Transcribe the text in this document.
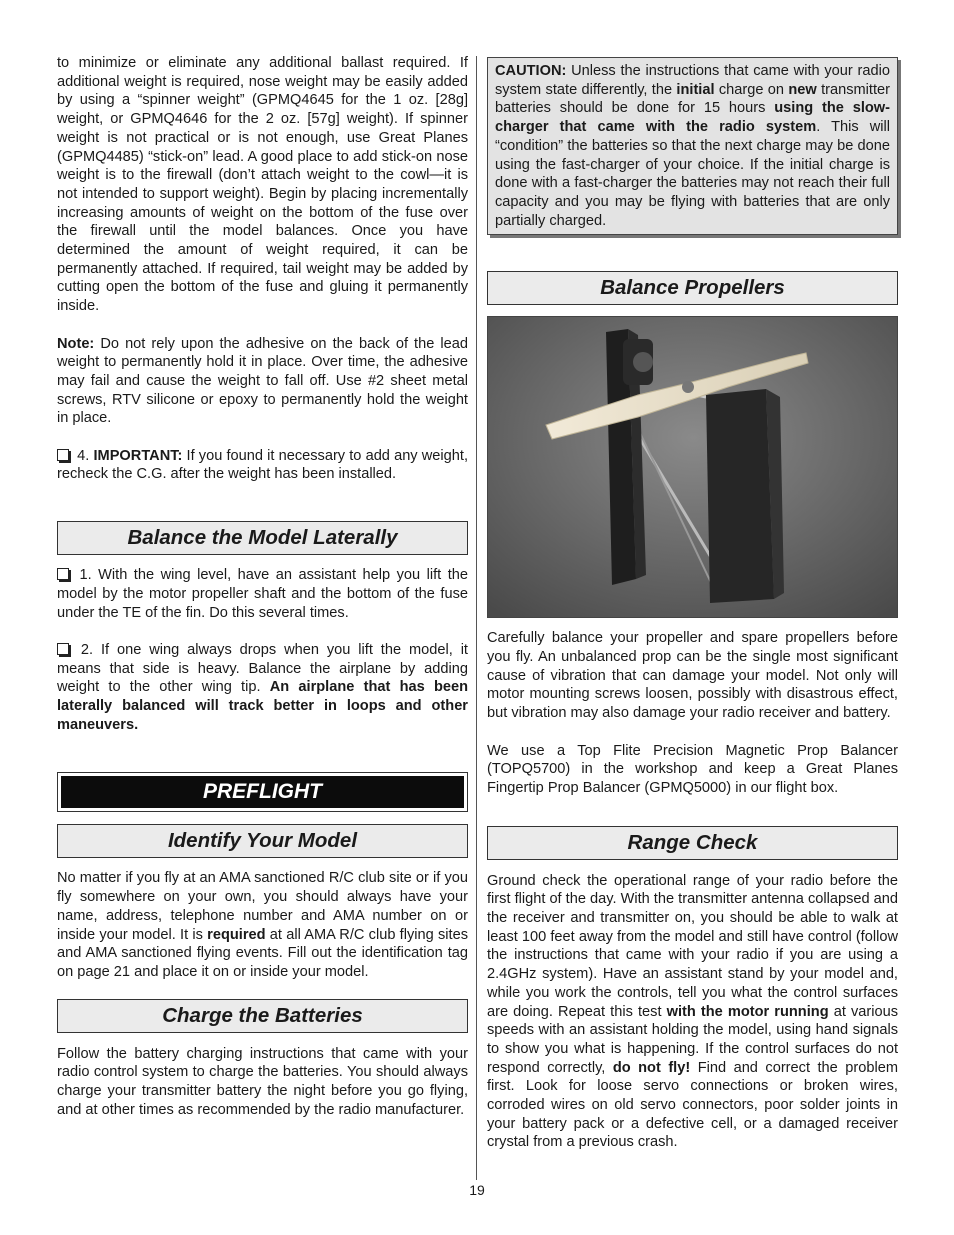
to minimize or eliminate any additional ballast required. If additional weight is required, nose weight may be easily added by using a “spinner weight” (GPMQ4645 for the 1 oz. [28g] weight, or GPMQ4646 for the 2 oz. [57g] weight). If spinner weight is not practical or is not enough, use Great Planes (GPMQ4485) “stick-on” lead. A good place to add stick-on nose weight is to the firewall (don’t attach weight to the cowl—it is not intended to support weight). Begin by placing incrementally increasing amounts of weight on the bottom of the fuse over the firewall until the model balances. Once you have determined the amount of weight required, it can be permanently attached. If required, tail weight may be added by cutting open the bottom of the fuse and gluing it permanently inside.

Note: Do not rely upon the adhesive on the back of the lead weight to permanently hold it in place. Over time, the adhesive may fail and cause the weight to fall off. Use #2 sheet metal screws, RTV silicone or epoxy to permanently hold the weight in place.

4. IMPORTANT: If you found it necessary to add any weight, recheck the C.G. after the weight has been installed.

Balance the Model Laterally

1. With the wing level, have an assistant help you lift the model by the motor propeller shaft and the bottom of the fuse under the TE of the fin. Do this several times.

2. If one wing always drops when you lift the model, it means that side is heavy. Balance the airplane by adding weight to the other wing tip. An airplane that has been laterally balanced will track better in loops and other maneuvers.

PREFLIGHT
Identify Your Model

No matter if you fly at an AMA sanctioned R/C club site or if you fly somewhere on your own, you should always have your name, address, telephone number and AMA number on or inside your model. It is required at all AMA R/C club flying sites and AMA sanctioned flying events. Fill out the identification tag on page 21 and place it on or inside your model.

Charge the Batteries

Follow the battery charging instructions that came with your radio control system to charge the batteries. You should always charge your transmitter battery the night before you go flying, and at other times as recommended by the radio manufacturer.

CAUTION: Unless the instructions that came with your radio system state differently, the initial charge on new transmitter batteries should be done for 15 hours using the slow-charger that came with the radio system. This will “condition” the batteries so that the next charge may be done using the fast-charger of your choice. If the initial charge is done with a fast-charger the batteries may not reach their full capacity and you may be flying with batteries that are only partially charged.

Balance Propellers

Carefully balance your propeller and spare propellers before you fly. An unbalanced prop can be the single most significant cause of vibration that can damage your model. Not only will motor mounting screws loosen, possibly with disastrous effect, but vibration may also damage your radio receiver and battery.

We use a Top Flite Precision Magnetic Prop Balancer (TOPQ5700) in the workshop and keep a Great Planes Fingertip Prop Balancer (GPMQ5000) in our flight box.

Range Check

Ground check the operational range of your radio before the first flight of the day. With the transmitter antenna collapsed and the receiver and transmitter on, you should be able to walk at least 100 feet away from the model and still have control (follow the instructions that came with your radio if you are using a 2.4GHz system). Have an assistant stand by your model and, while you work the controls, tell you what the control surfaces are doing. Repeat this test with the motor running at various speeds with an assistant holding the model, using hand signals to show you what is happening. If the control surfaces do not respond correctly, do not fly! Find and correct the problem first. Look for loose servo connections or broken wires, corroded wires on old servo connectors, poor solder joints in your battery pack or a defective cell, or a damaged receiver crystal from a previous crash.

19
